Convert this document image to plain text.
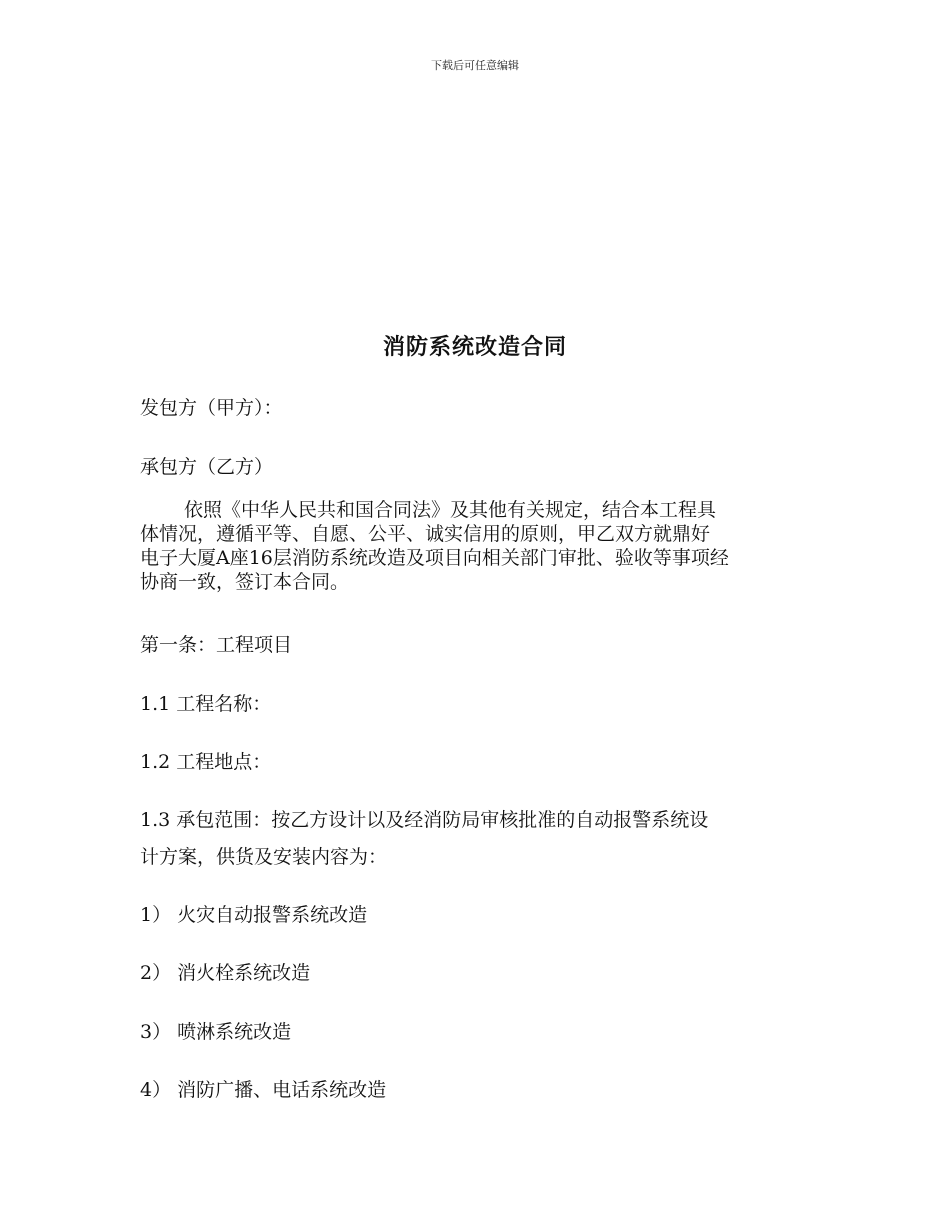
下载后可任意编辑
消防系统改造合同
发包方（甲方）：
承包方（乙方）
依照《中华人民共和国合同法》及其他有关规定，结合本工程具
体情况，遵循平等、自愿、公平、诚实信用的原则，甲乙双方就鼎好
电子大厦A座16层消防系统改造及项目向相关部门审批、验收等事项经
协商一致，签订本合同。
第一条：工程项目
1.1 工程名称：
1.2 工程地点：
1.3 承包范围：按乙方设计以及经消防局审核批准的自动报警系统设
计方案，供货及安装内容为：
1） 火灾自动报警系统改造
2） 消火栓系统改造
3） 喷淋系统改造
4） 消防广播、电话系统改造
